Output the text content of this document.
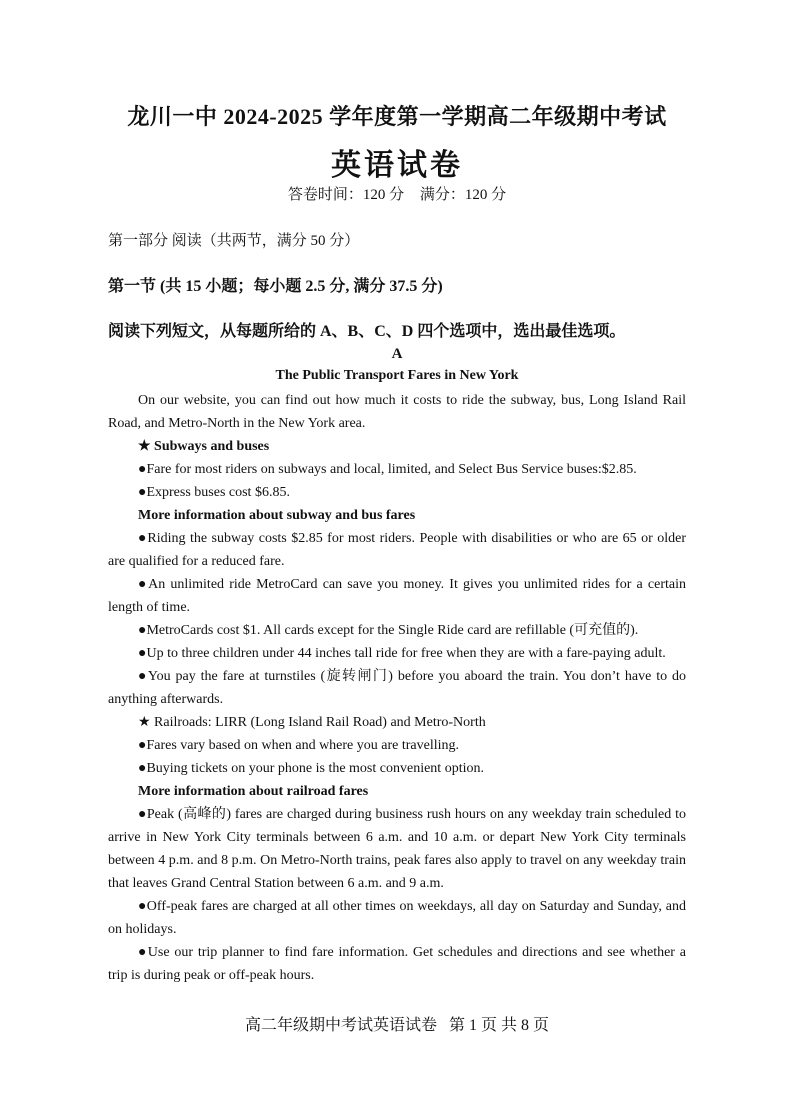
龙川一中 2024-2025 学年度第一学期高二年级期中考试
英语试卷
答卷时间：120 分 满分：120 分
第一部分 阅读（共两节，满分 50 分）
第一节 (共 15 小题；每小题 2.5 分, 满分 37.5 分)
阅读下列短文，从每题所给的 A、B、C、D 四个选项中，选出最佳选项。
A
The Public Transport Fares in New York

On our website, you can find out how much it costs to ride the subway, bus, Long Island Rail Road, and Metro-North in the New York area.

★ Subways and buses

●Fare for most riders on subways and local, limited, and Select Bus Service buses:$2.85.

●Express buses cost $6.85.

More information about subway and bus fares

●Riding the subway costs $2.85 for most riders. People with disabilities or who are 65 or older are qualified for a reduced fare.

●An unlimited ride MetroCard can save you money. It gives you unlimited rides for a certain length of time.

●MetroCards cost $1. All cards except for the Single Ride card are refillable (可充值的).

●Up to three children under 44 inches tall ride for free when they are with a fare-paying adult.

●You pay the fare at turnstiles (旋转闸门) before you aboard the train. You don’t have to do anything afterwards.

★ Railroads: LIRR (Long Island Rail Road) and Metro-North

●Fares vary based on when and where you are travelling.

●Buying tickets on your phone is the most convenient option.

More information about railroad fares

●Peak (高峰的) fares are charged during business rush hours on any weekday train scheduled to arrive in New York City terminals between 6 a.m. and 10 a.m. or depart New York City terminals between 4 p.m. and 8 p.m. On Metro-North trains, peak fares also apply to travel on any weekday train that leaves Grand Central Station between 6 a.m. and 9 a.m.

●Off-peak fares are charged at all other times on weekdays, all day on Saturday and Sunday, and on holidays.

●Use our trip planner to find fare information. Get schedules and directions and see whether a trip is during peak or off-peak hours.

高二年级期中考试英语试卷 第 1 页 共 8 页
